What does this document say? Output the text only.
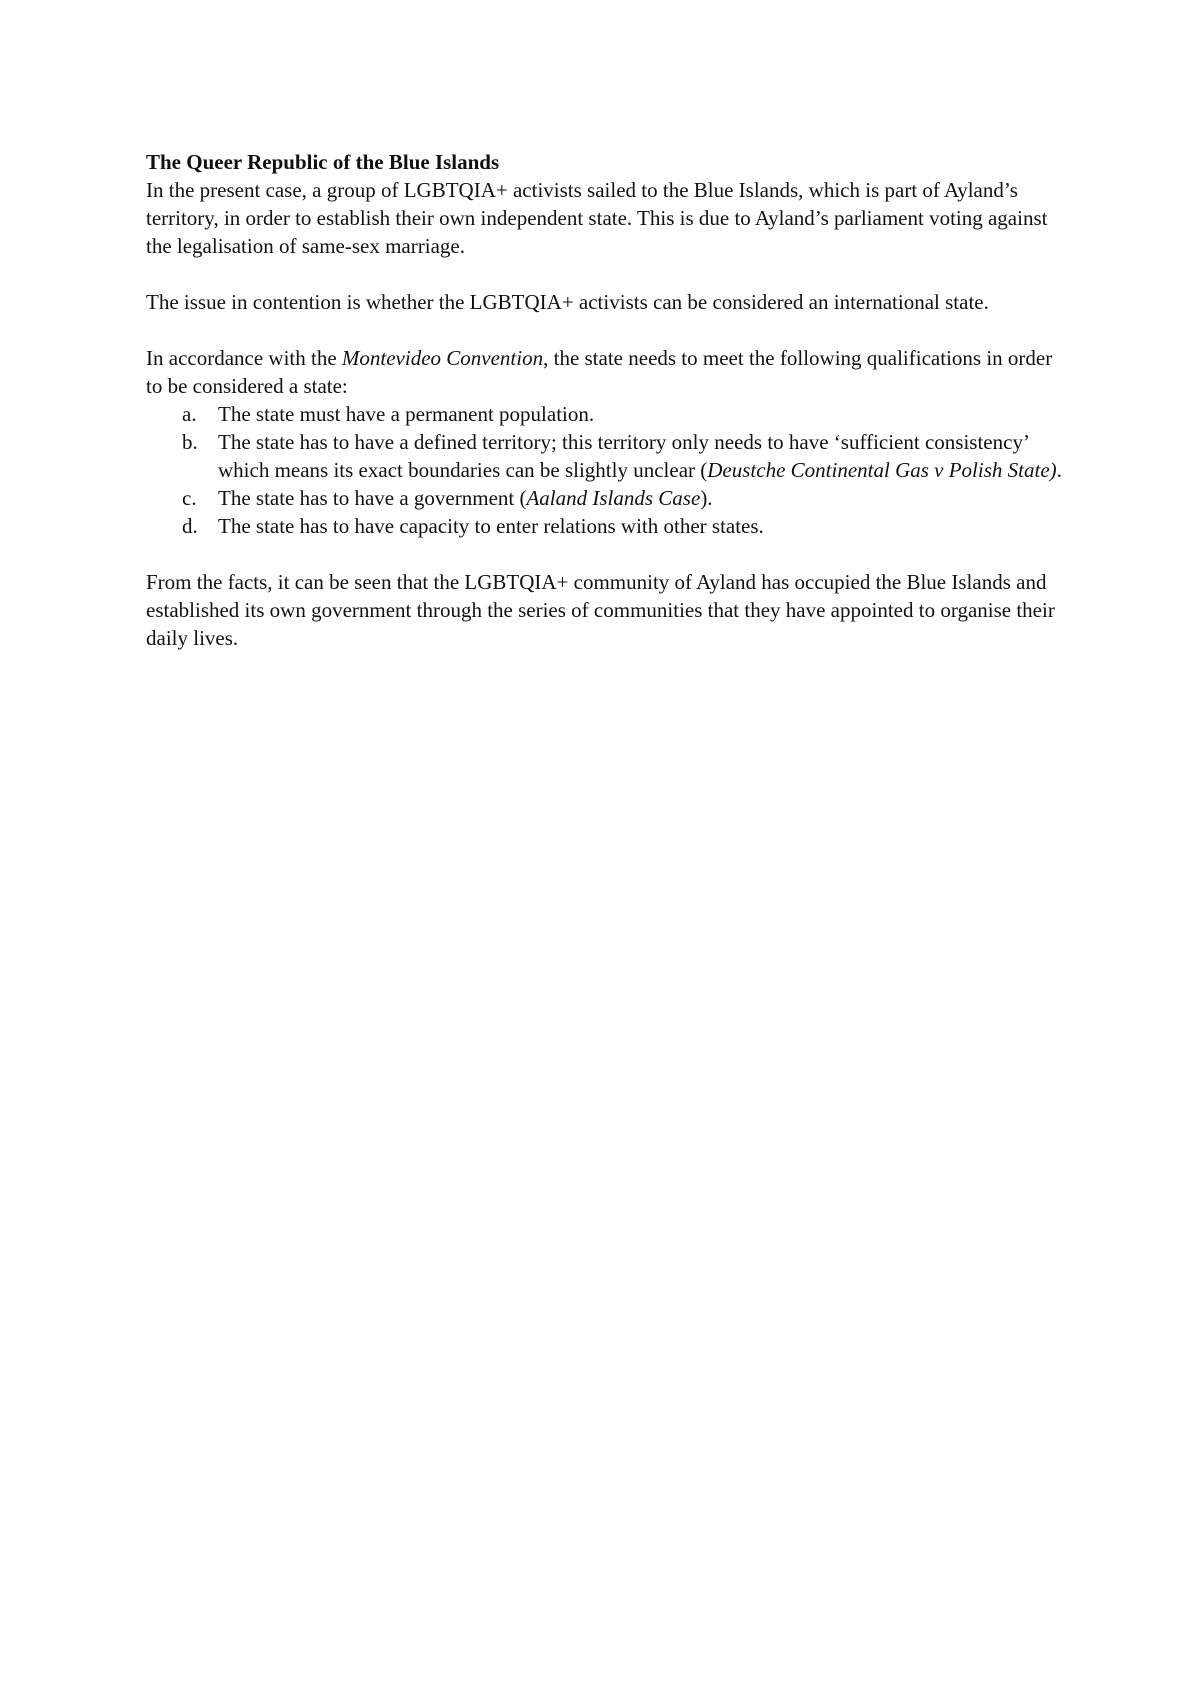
The Queer Republic of the Blue Islands

In the present case, a group of LGBTQIA+ activists sailed to the Blue Islands, which is part of Ayland’s territory, in order to establish their own independent state. This is due to Ayland’s parliament voting against the legalisation of same-sex marriage.

The issue in contention is whether the LGBTQIA+ activists can be considered an international state.

In accordance with the Montevideo Convention, the state needs to meet the following qualifications in order to be considered a state:

a. The state must have a permanent population.
b. The state has to have a defined territory; this territory only needs to have ‘sufficient consistency’ which means its exact boundaries can be slightly unclear (Deustche Continental Gas v Polish State).
c. The state has to have a government (Aaland Islands Case).
d. The state has to have capacity to enter relations with other states.

From the facts, it can be seen that the LGBTQIA+ community of Ayland has occupied the Blue Islands and established its own government through the series of communities that they have appointed to organise their daily lives.
